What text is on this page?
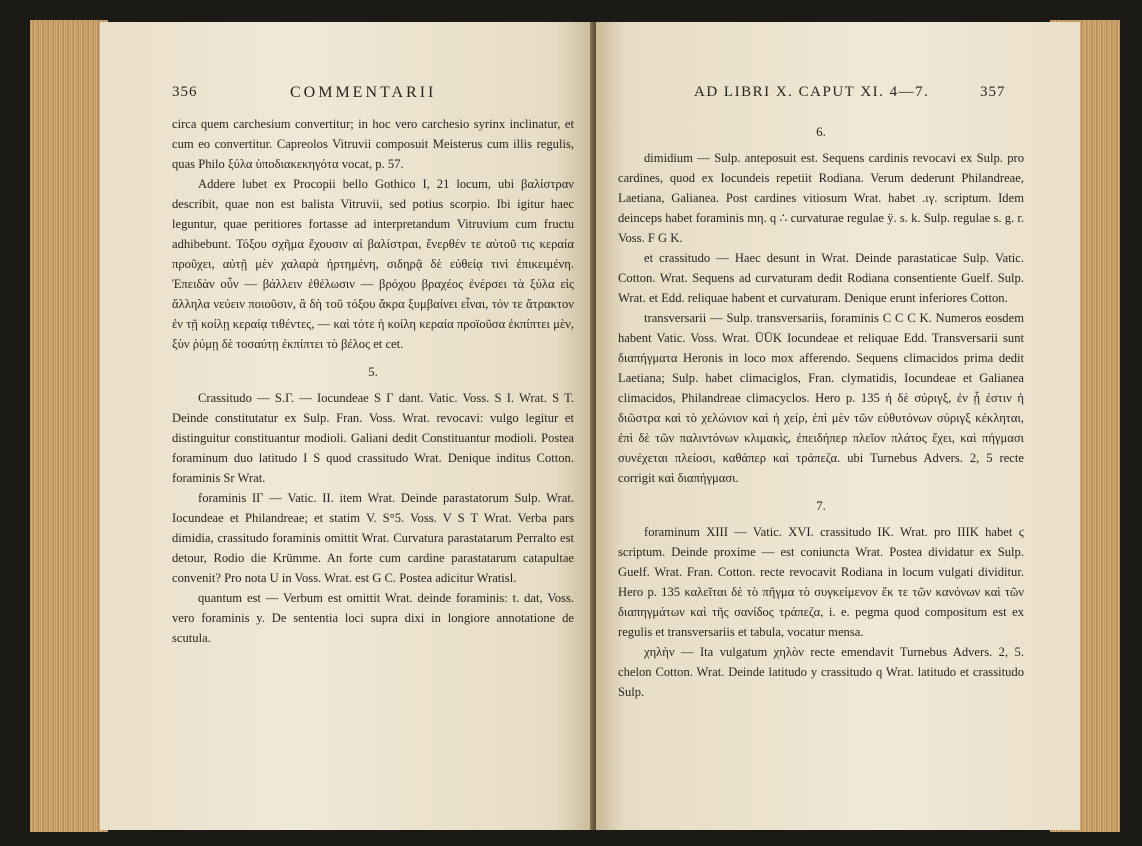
356	COMMENTARII

circa quem carchesium convertitur; in hoc vero carchesio syrinx inclinatur, et cum eo convertitur. Capreolos Vitruvii composuit Meisterus cum illis regulis, quas Philo ξύλα ὑποδιακεκηγότα vocat, p. 57.

Addere lubet ex Procopii bello Gothico I, 21 locum, ubi βαλίστραν describit, quae non est balista Vitruvii, sed potius scorpio. Ibi igitur haec leguntur, quae peritiores fortasse ad interpretandum Vitruvium cum fructu adhibebunt. Τόξου σχῆμα ἔχουσιν αἱ βαλίστραι, ἔνερθέν τε αὐτοῦ τις κεραία προῦχει, αὐτῇ μὲν χαλαρὰ ἠρτημένη, σιδηρᾷ δὲ εὐθείᾳ τινὶ ἐπικειμένη. Ἐπειδὰν οὖν — βάλλειν ἐθέλωσιν — βρόχου βραχέος ἐνέρσει τὰ ξύλα εἰς ἄλληλα νεύειν ποιοῦσιν, ἃ δὴ τοῦ τόξου ἄκρα ξυμβαίνει εἶναι, τόν τε ἄτρακτον ἐν τῇ κοίλῃ κεραίᾳ τιθέντες, — καὶ τότε ἡ κοίλη κεραία προϊοῦσα ἐκπίπτει μὲν, ξὺν ῥύμῃ δὲ τοσαύτῃ ἐκπίπτει τὸ βέλος et cet.

5.

Crassitudo — S.Γ. — Iocundeae S Γ dant. Vatic. Voss. S I. Wrat. S T. Deinde constitutatur ex Sulp. Fran. Voss. Wrat. revocavi: vulgo legitur et distinguitur constituantur modioli. Galiani dedit Constituantur modioli. Postea foraminum duo latitudo I S quod crassitudo Wrat. Denique inditus Cotton. foraminis Sr Wrat.

foraminis IΓ — Vatic. II. item Wrat. Deinde parastatorum Sulp. Wrat. Iocundeae et Philandreae; et statim V. S°5. Voss. V S T Wrat. Verba pars dimidia, crassitudo foraminis omittit Wrat. Curvatura parastatarum Perralto est detour, Rodio die Krümme. An forte cum cardine parastatarum catapultae convenit? Pro nota U in Voss. Wrat. est G C. Postea adicitur Wratisl.

quantum est — Verbum est omittit Wrat. deinde foraminis: t. dat, Voss. vero foraminis y. De sententia loci supra dixi in longiore annotatione de scutula.

AD LIBRI X. CAPUT XI. 4—7.	357
6.

dimidium — Sulp. anteposuit est. Sequens cardinis revocavi ex Sulp. pro cardines, quod ex Iocundeis repetiit Rodiana. Verum dederunt Philandreae, Laetiana, Galianea. Post cardines vitiosum Wrat. habet .ιγ. scriptum. Idem deinceps habet foraminis mη. q ∴ curvaturae regulae ÿ. s. k. Sulp. regulae s. g. r. Voss. F G K.

et crassitudo — Haec desunt in Wrat. Deinde parastaticae Sulp. Vatic. Cotton. Wrat. Sequens ad curvaturam dedit Rodiana consentiente Guelf. Sulp. Wrat. et Edd. reliquae habent et curvaturam. Denique erunt inferiores Cotton.

transversarii — Sulp. transversariis, foraminis C C C K. Numeros eosdem habent Vatic. Voss. Wrat. ŪŪK Iocundeae et reliquae Edd. Transversarii sunt διαπήγματα Heronis in loco mox afferendo. Sequens climacidos prima dedit Laetiana; Sulp. habet climaciglos, Fran. clymatidis, Iocundeae et Galianea climacidos, Philandreae climacyclos. Hero p. 135 ἡ δὲ σύριγξ, ἐν ᾗ ἐστιν ἡ διῶστρα καὶ τὸ χελώνιον καὶ ἡ χείρ, ἐπὶ μὲν τῶν εὐθυτόνων σύριγξ κέκληται, ἐπὶ δὲ τῶν παλιντόνων κλιμακὶς, ἐπειδήπερ πλεῖον πλάτος ἔχει, καὶ πήγμασι συνέχεται πλείοσι, καθάπερ καὶ τράπεζα. ubi Turnebus Advers. 2, 5 recte corrigit καὶ διαπήγμασι.

7.

foraminum XIII — Vatic. XVI. crassitudo IK. Wrat. pro IIIK habet ϛ scriptum. Deinde proxime — est coniuncta Wrat. Postea dividatur ex Sulp. Guelf. Wrat. Fran. Cotton. recte revocavit Rodiana in locum vulgati dividitur. Hero p. 135 καλεῖται δὲ τὸ πῆγμα τὸ συγκείμενον ἔκ τε τῶν κανόνων καὶ τῶν διαπηγμάτων καὶ τῆς σανίδος τράπεζα, i. e. pegma quod compositum est ex regulis et transversariis et tabula, vocatur mensa.

χηλὴν — Ita vulgatum χηλὸν recte emendavit Turnebus Advers. 2, 5. chelon Cotton. Wrat. Deinde latitudo y crassitudo q Wrat. latitudo et crassitudo Sulp.
